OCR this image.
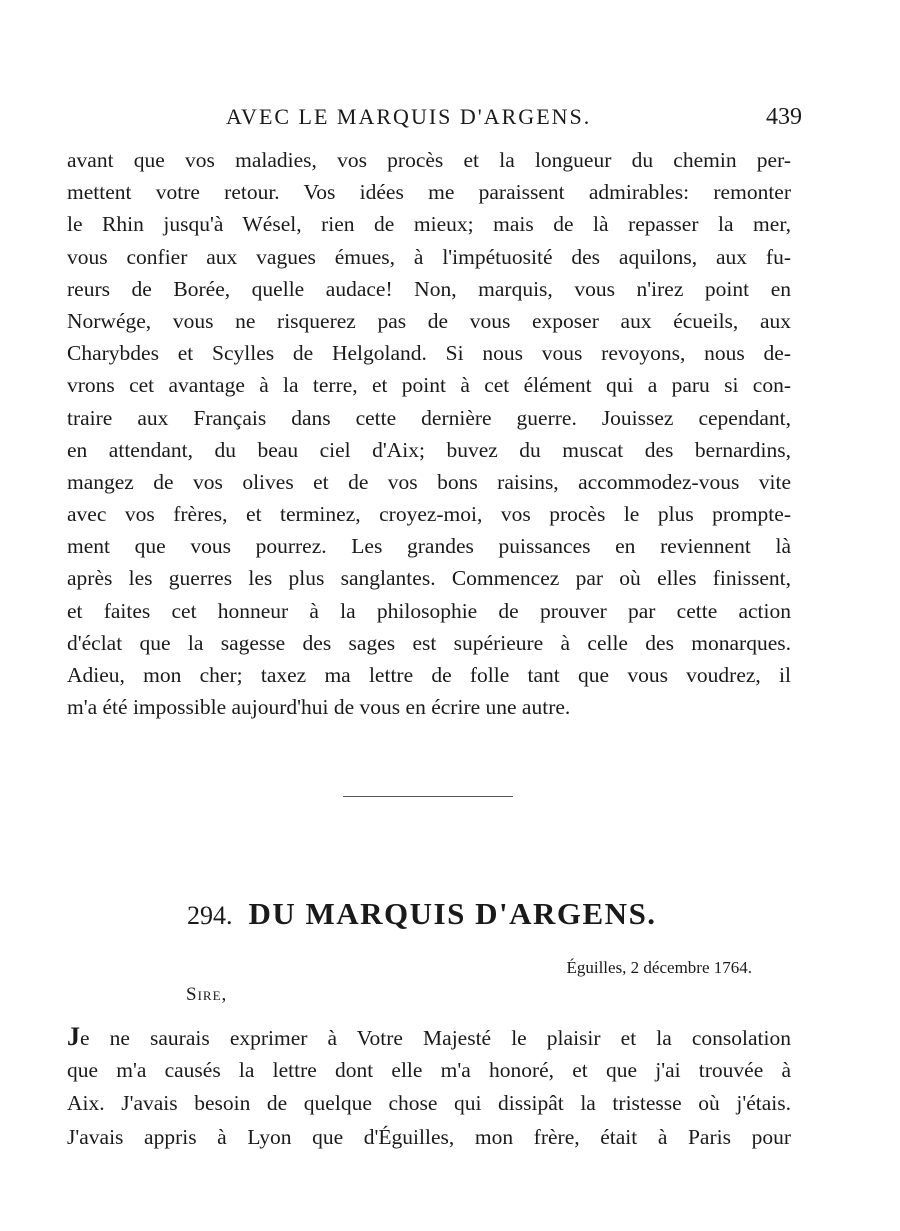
AVEC LE MARQUIS D'ARGENS.	439
avant que vos maladies, vos procès et la longueur du chemin per-
mettent votre retour. Vos idées me paraissent admirables: remonter
le Rhin jusqu'à Wésel, rien de mieux; mais de là repasser la mer,
vous confier aux vagues émues, à l'impétuosité des aquilons, aux fu-
reurs de Borée, quelle audace! Non, marquis, vous n'irez point en
Norwége, vous ne risquerez pas de vous exposer aux écueils, aux
Charybdes et Scylles de Helgoland. Si nous vous revoyons, nous de-
vrons cet avantage à la terre, et point à cet élément qui a paru si con-
traire aux Français dans cette dernière guerre. Jouissez cependant,
en attendant, du beau ciel d'Aix; buvez du muscat des bernardins,
mangez de vos olives et de vos bons raisins, accommodez-vous vite
avec vos frères, et terminez, croyez-moi, vos procès le plus prompte-
ment que vous pourrez. Les grandes puissances en reviennent là
après les guerres les plus sanglantes. Commencez par où elles finissent,
et faites cet honneur à la philosophie de prouver par cette action
d'éclat que la sagesse des sages est supérieure à celle des monarques.
Adieu, mon cher; taxez ma lettre de folle tant que vous voudrez, il
m'a été impossible aujourd'hui de vous en écrire une autre.
294. DU MARQUIS D'ARGENS.
Éguilles, 2 décembre 1764.
Sire,
Je ne saurais exprimer à Votre Majesté le plaisir et la consolation
que m'a causés la lettre dont elle m'a honoré, et que j'ai trouvée à
Aix. J'avais besoin de quelque chose qui dissipât la tristesse où j'étais.
J'avais appris à Lyon que d'Éguilles, mon frère, était à Paris pour
